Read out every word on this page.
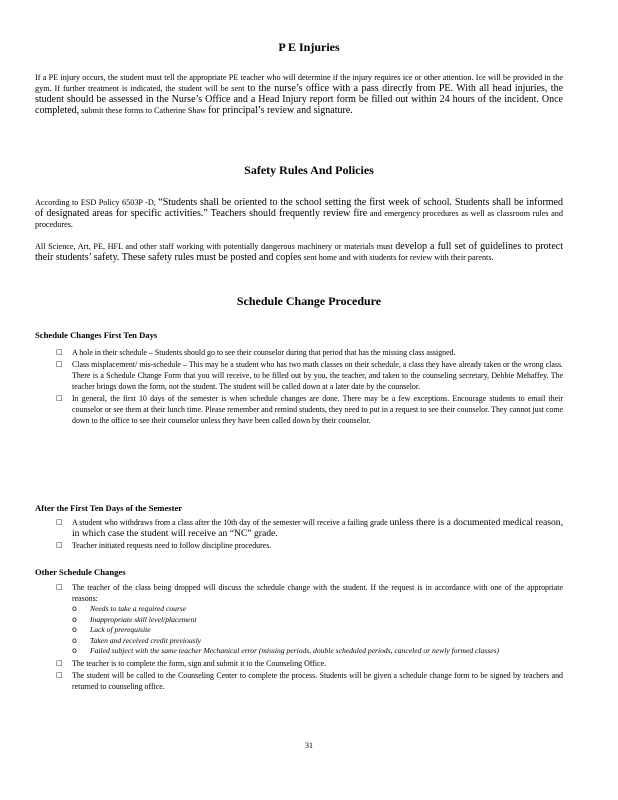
P E Injuries

If a PE injury occurs, the student must tell the appropriate PE teacher who will determine if the injury requires ice or other attention. Ice will be provided in the gym. If further treatment is indicated, the student will be sent to the nurse’s office with a pass directly from PE. With all head injuries, the student should be assessed in the Nurse’s Office and a Head Injury report form be filled out within 24 hours of the incident. Once completed, submit these forms to Catherine Shaw for principal’s review and signature.

Safety Rules And Policies

According to ESD Policy 6503P -D, “Students shall be oriented to the school setting the first week of school. Students shall be informed of designated areas for specific activities.” Teachers should frequently review fire and emergency procedures as well as classroom rules and procedures.

All Science, Art, PE, HFL and other staff working with potentially dangerous machinery or materials must develop a full set of guidelines to protect their students’ safety. These safety rules must be posted and copies sent home and with students for review with their parents.

Schedule Change Procedure
Schedule Changes First Ten Days
□	A hole in their schedule – Students should go to see their counselor during that period that has the missing class assigned.
□	Class misplacement/ mis-schedule – This may be a student who has two math classes on their schedule, a class they have already taken or the wrong class. There is a Schedule Change Form that you will receive, to be filled out by you, the teacher, and taken to the counseling secretary, Debbie Mehaffey. The teacher brings down the form, not the student. The student will be called down at a later date by the counselor.
□	In general, the first 10 days of the semester is when schedule changes are done. There may be a few exceptions. Encourage students to email their counselor or see them at their lunch time. Please remember and remind students, they need to put in a request to see their counselor. They cannot just come down to the office to see their counselor unless they have been called down by their counselor.
After the First Ten Days of the Semester
□	A student who withdraws from a class after the 10th day of the semester will receive a failing grade unless there is a documented medical reason, in which case the student will receive an “NC” grade.
□	Teacher initiated requests need to follow discipline procedures.
Other Schedule Changes
□	The teacher of the class being dropped will discuss the schedule change with the student. If the request is in accordance with one of the appropriate reasons:
o Needs to take a required course
o Inappropriate skill level/placement
o Lack of prerequisite
o Taken and received credit previously
o Failed subject with the same teacher Mechanical error (missing periods, double scheduled periods, canceled or newly formed classes)
□	The teacher is to complete the form, sign and submit it to the Counseling Office.
□	The student will be called to the Counseling Center to complete the process. Students will be given a schedule change form to be signed by teachers and returned to counseling office.
31
